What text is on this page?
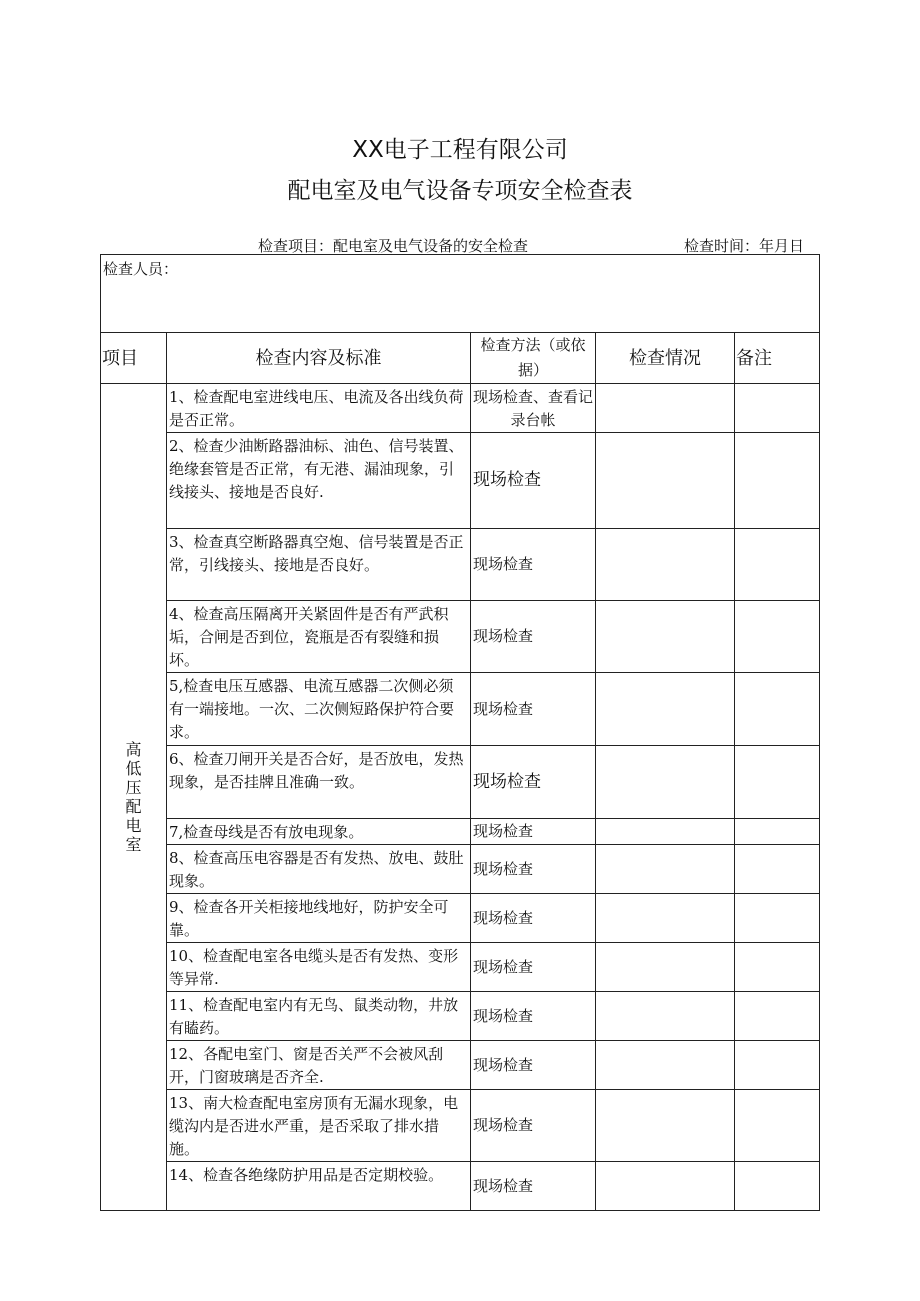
XX电子工程有限公司
配电室及电气设备专项安全检查表
检查项目：配电室及电气设备的安全检查	检查时间：年月日
检查人员：				
项目	检查内容及标准	检查方法（或依据）	检查情况	备注
高低压配电室	1、检查配电室进线电压、电流及各出线负荷是否正常。	现场检查、查看记录台帐		
	2、检查少油断路器油标、油色、信号装置、绝缘套管是否正常，有无港、漏油现象，引线接头、接地是否良好.	现场检查		
	3、检查真空断路器真空炮、信号装置是否正常，引线接头、接地是否良好。	现场检查		
	4、检查高压隔离开关紧固件是否有严武积垢，合闸是否到位，瓷瓶是否有裂缝和损坏。	现场检查		
	5,检查电压互感器、电流互感器二次侧必须有一端接地。一次、二次侧短路保护符合要求。	现场检查		
	6、检查刀闸开关是否合好，是否放电，发热现象，是否挂牌且准确一致。	现场检查		
	7,检查母线是否有放电现象。	现场检查		
	8、检查高压电容器是否有发热、放电、鼓肚现象。	现场检查		
	9、检查各开关柜接地线地好，防护安全可靠。	现场检查		
	10、检查配电室各电缆头是否有发热、变形等异常.	现场检查		
	11、检查配电室内有无鸟、鼠类动物，井放有瞌药。	现场检查		
	12、各配电室门、窗是否关严不会被风刮开，门窗玻璃是否齐全.	现场检查		
	13、南大检查配电室房顶有无漏水现象，电缆沟内是否进水严重，是否采取了排水措施。	现场检查		
	14、检查各绝缘防护用品是否定期校验。	现场检查		
